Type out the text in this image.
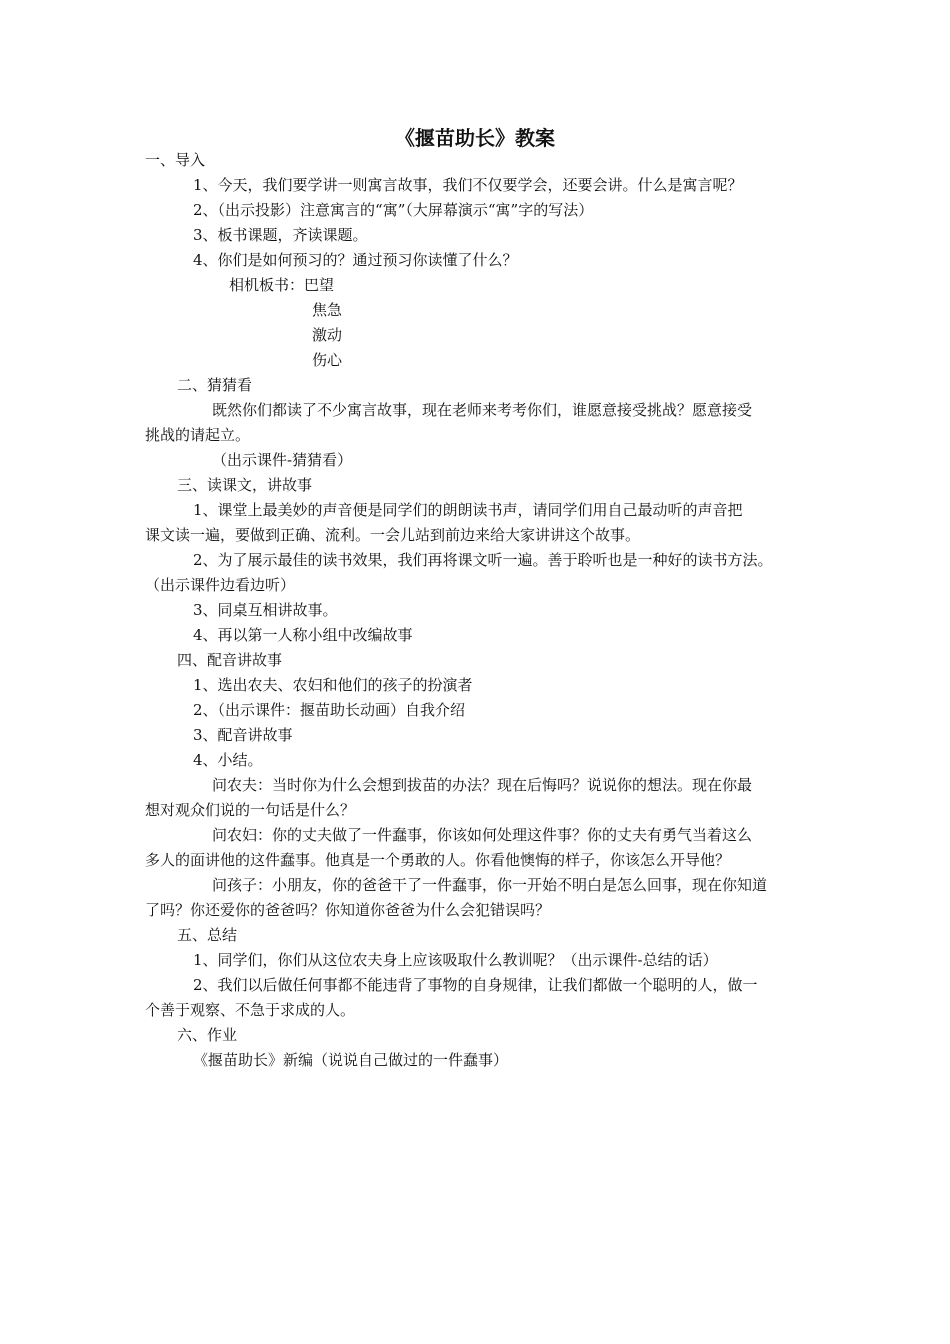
《揠苗助长》教案
一、导入
1、今天，我们要学讲一则寓言故事，我们不仅要学会，还要会讲。什么是寓言呢？
2、（出示投影）注意寓言的“寓”（大屏幕演示“寓”字的写法）
3、板书课题，齐读课题。
4、你们是如何预习的？通过预习你读懂了什么？
相机板书：巴望
焦急
激动
伤心
二、猜猜看
既然你们都读了不少寓言故事，现在老师来考考你们，谁愿意接受挑战？愿意接受
挑战的请起立。
（出示课件-猜猜看）
三、读课文，讲故事
1、课堂上最美妙的声音便是同学们的朗朗读书声，请同学们用自己最动听的声音把
课文读一遍，要做到正确、流利。一会儿站到前边来给大家讲讲这个故事。
2、为了展示最佳的读书效果，我们再将课文听一遍。善于聆听也是一种好的读书方法。
（出示课件边看边听）
3、同桌互相讲故事。
4、再以第一人称小组中改编故事
四、配音讲故事
1、选出农夫、农妇和他们的孩子的扮演者
2、（出示课件：揠苗助长动画）自我介绍
3、配音讲故事
4、小结。
问农夫：当时你为什么会想到拔苗的办法？现在后悔吗？说说你的想法。现在你最
想对观众们说的一句话是什么？
问农妇：你的丈夫做了一件蠢事，你该如何处理这件事？你的丈夫有勇气当着这么
多人的面讲他的这件蠢事。他真是一个勇敢的人。你看他懊悔的样子，你该怎么开导他？
问孩子：小朋友，你的爸爸干了一件蠢事，你一开始不明白是怎么回事，现在你知道
了吗？你还爱你的爸爸吗？你知道你爸爸为什么会犯错误吗？
五、总结
1、同学们，你们从这位农夫身上应该吸取什么教训呢？（出示课件-总结的话）
2、我们以后做任何事都不能违背了事物的自身规律，让我们都做一个聪明的人，做一
个善于观察、不急于求成的人。
六、作业
《揠苗助长》新编（说说自己做过的一件蠢事）
